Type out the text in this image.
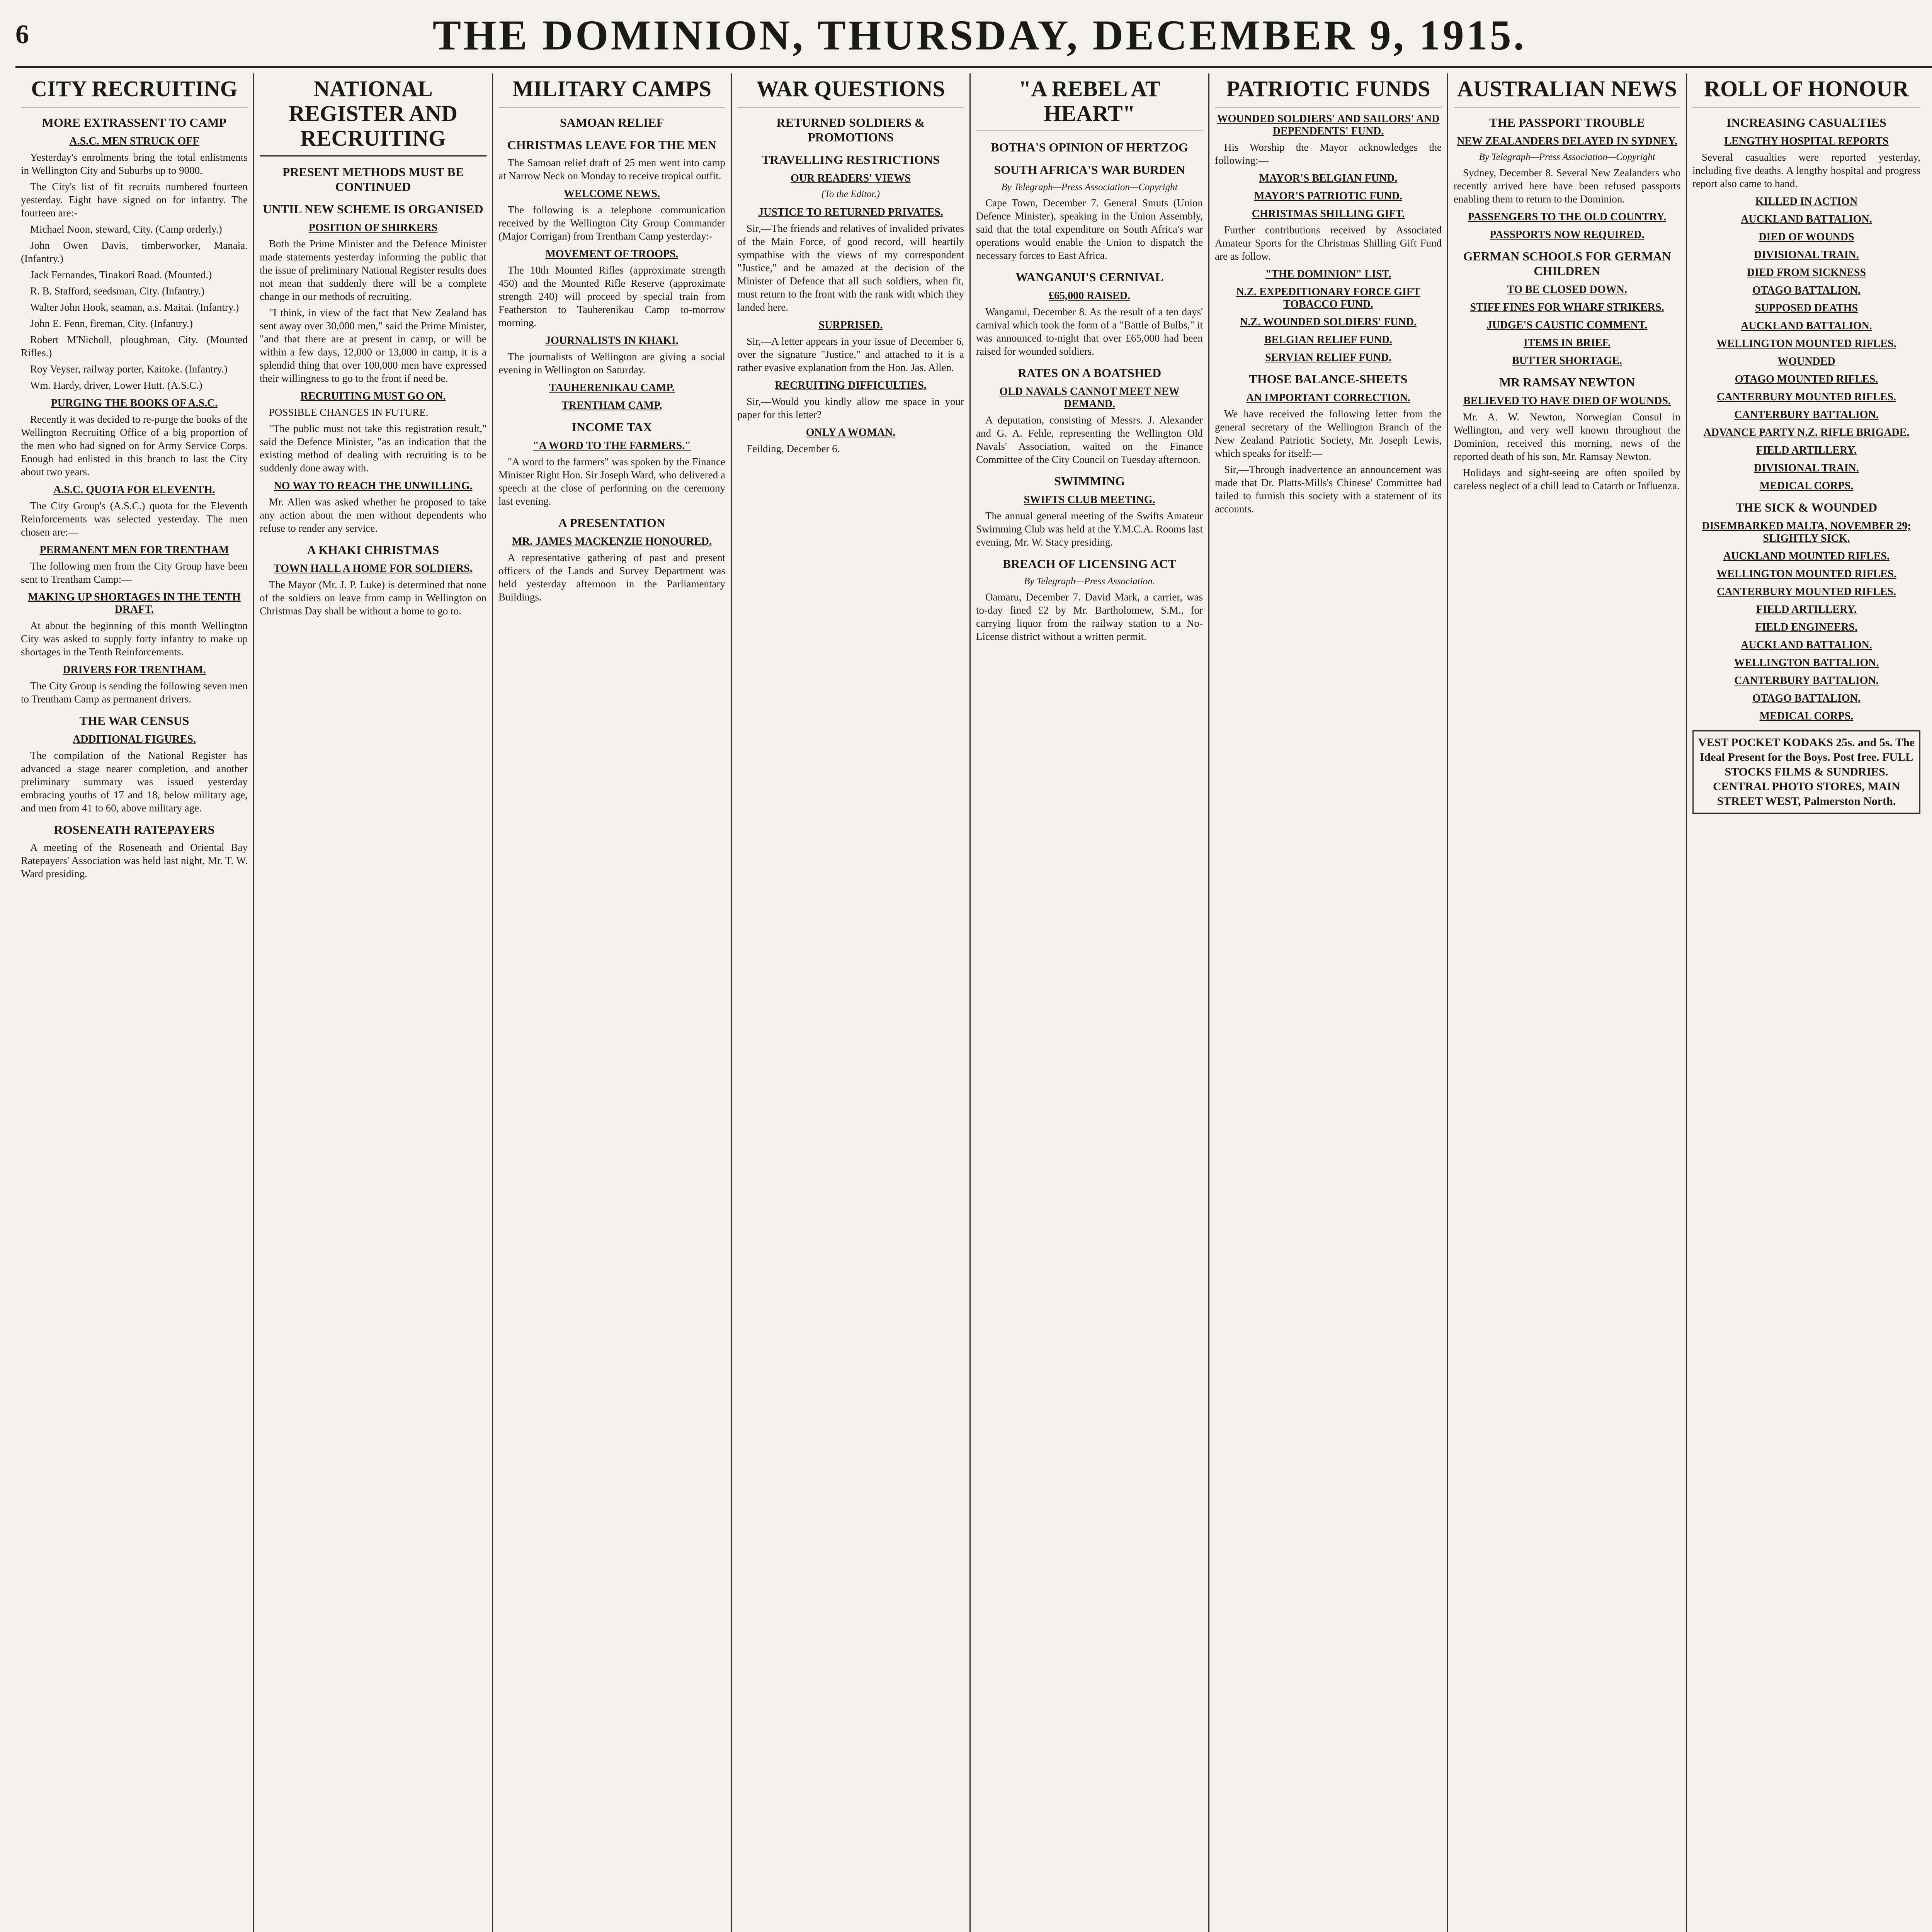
6	THE DOMINION, THURSDAY, DECEMBER 9, 1915.
CITY RECRUITING
MORE EXTRASSENT TO CAMP
A.S.C. MEN STRUCK OFF

Yesterday's enrolments bring the total enlistments in Wellington City and Suburbs up to 9000.

The City's list of fit recruits numbered fourteen yesterday. Eight have signed on for infantry. The fourteen are:-

Michael Noon, steward, City. (Camp orderly.)

John Owen Davis, timberworker, Manaia. (Infantry.)

Jack Fernandes, Tinakori Road. (Mounted.)

R. B. Stafford, seedsman, City. (Infantry.)

Walter John Hook, seaman, a.s. Maitai. (Infantry.)

John E. Fenn, fireman, City. (Infantry.)

Robert M'Nicholl, ploughman, City. (Mounted Rifles.)

Roy Veyser, railway porter, Kaitoke. (Infantry.)

Wm. Hardy, driver, Lower Hutt. (A.S.C.)

PURGING THE BOOKS OF A.S.C.

Recently it was decided to re-purge the books of the Wellington Recruiting Office of a big proportion of the men who had signed on for Army Service Corps. Enough had enlisted in this branch to last the City about two years.

A.S.C. QUOTA FOR ELEVENTH.

The City Group's (A.S.C.) quota for the Eleventh Reinforcements was selected yesterday. The men chosen are:—

PERMANENT MEN FOR TRENTHAM

The following men from the City Group have been sent to Trentham Camp:—

MAKING UP SHORTAGES IN THE TENTH DRAFT.

At about the beginning of this month Wellington City was asked to supply forty infantry to make up shortages in the Tenth Reinforcements.

DRIVERS FOR TRENTHAM.

The City Group is sending the following seven men to Trentham Camp as permanent drivers.

THE WAR CENSUS
ADDITIONAL FIGURES.

The compilation of the National Register has advanced a stage nearer completion, and another preliminary summary was issued yesterday embracing youths of 17 and 18, below military age, and men from 41 to 60, above military age.

ROSENEATH RATEPAYERS

A meeting of the Roseneath and Oriental Bay Ratepayers' Association was held last night, Mr. T. W. Ward presiding.

NATIONAL REGISTER AND RECRUITING
PRESENT METHODS MUST BE CONTINUED
UNTIL NEW SCHEME IS ORGANISED
POSITION OF SHIRKERS

Both the Prime Minister and the Defence Minister made statements yesterday informing the public that the issue of preliminary National Register results does not mean that suddenly there will be a complete change in our methods of recruiting.

"I think, in view of the fact that New Zealand has sent away over 30,000 men," said the Prime Minister, "and that there are at present in camp, or will be within a few days, 12,000 or 13,000 in camp, it is a splendid thing that over 100,000 men have expressed their willingness to go to the front if need be.

RECRUITING MUST GO ON.

POSSIBLE CHANGES IN FUTURE.

"The public must not take this registration result," said the Defence Minister, "as an indication that the existing method of dealing with recruiting is to be suddenly done away with.

NO WAY TO REACH THE UNWILLING.

Mr. Allen was asked whether he proposed to take any action about the men without dependents who refuse to render any service.

A KHAKI CHRISTMAS
TOWN HALL A HOME FOR SOLDIERS.

The Mayor (Mr. J. P. Luke) is determined that none of the soldiers on leave from camp in Wellington on Christmas Day shall be without a home to go to.

MILITARY CAMPS
SAMOAN RELIEF
CHRISTMAS LEAVE FOR THE MEN

The Samoan relief draft of 25 men went into camp at Narrow Neck on Monday to receive tropical outfit.

WELCOME NEWS.

The following is a telephone communication received by the Wellington City Group Commander (Major Corrigan) from Trentham Camp yesterday:-

MOVEMENT OF TROOPS.

The 10th Mounted Rifles (approximate strength 450) and the Mounted Rifle Reserve (approximate strength 240) will proceed by special train from Featherston to Tauherenikau Camp to-morrow morning.

JOURNALISTS IN KHAKI.

The journalists of Wellington are giving a social evening in Wellington on Saturday.

TAUHERENIKAU CAMP.
TRENTHAM CAMP.
INCOME TAX
"A WORD TO THE FARMERS."

"A word to the farmers" was spoken by the Finance Minister Right Hon. Sir Joseph Ward, who delivered a speech at the close of performing on the ceremony last evening.

A PRESENTATION
MR. JAMES MACKENZIE HONOURED.

A representative gathering of past and present officers of the Lands and Survey Department was held yesterday afternoon in the Parliamentary Buildings.

WAR QUESTIONS
RETURNED SOLDIERS & PROMOTIONS
TRAVELLING RESTRICTIONS
OUR READERS' VIEWS
(To the Editor.)
JUSTICE TO RETURNED PRIVATES.

Sir,—The friends and relatives of invalided privates of the Main Force, of good record, will heartily sympathise with the views of my correspondent "Justice," and be amazed at the decision of the Minister of Defence that all such soldiers, when fit, must return to the front with the rank with which they landed here.

SURPRISED.

Sir,—A letter appears in your issue of December 6, over the signature "Justice," and attached to it is a rather evasive explanation from the Hon. Jas. Allen.

RECRUITING DIFFICULTIES.

Sir,—Would you kindly allow me space in your paper for this letter?

ONLY A WOMAN.

Feilding, December 6.

"A REBEL AT HEART"
BOTHA'S OPINION OF HERTZOG
SOUTH AFRICA'S WAR BURDEN
By Telegraph—Press Association—Copyright

Cape Town, December 7. General Smuts (Union Defence Minister), speaking in the Union Assembly, said that the total expenditure on South Africa's war operations would enable the Union to dispatch the necessary forces to East Africa.

WANGANUI'S CERNIVAL
£65,000 RAISED.

Wanganui, December 8. As the result of a ten days' carnival which took the form of a "Battle of Bulbs," it was announced to-night that over £65,000 had been raised for wounded soldiers.

RATES ON A BOATSHED
OLD NAVALS CANNOT MEET NEW DEMAND.

A deputation, consisting of Messrs. J. Alexander and G. A. Fehle, representing the Wellington Old Navals' Association, waited on the Finance Committee of the City Council on Tuesday afternoon.

SWIMMING
SWIFTS CLUB MEETING.

The annual general meeting of the Swifts Amateur Swimming Club was held at the Y.M.C.A. Rooms last evening, Mr. W. Stacy presiding.

BREACH OF LICENSING ACT
By Telegraph—Press Association.

Oamaru, December 7. David Mark, a carrier, was to-day fined £2 by Mr. Bartholomew, S.M., for carrying liquor from the railway station to a No-License district without a written permit.

PATRIOTIC FUNDS
WOUNDED SOLDIERS' AND SAILORS' AND DEPENDENTS' FUND.

His Worship the Mayor acknowledges the following:—

MAYOR'S BELGIAN FUND.
MAYOR'S PATRIOTIC FUND.
CHRISTMAS SHILLING GIFT.

Further contributions received by Associated Amateur Sports for the Christmas Shilling Gift Fund are as follow.

"THE DOMINION" LIST.
N.Z. EXPEDITIONARY FORCE GIFT TOBACCO FUND.
N.Z. WOUNDED SOLDIERS' FUND.
BELGIAN RELIEF FUND.
SERVIAN RELIEF FUND.
THOSE BALANCE-SHEETS
AN IMPORTANT CORRECTION.

We have received the following letter from the general secretary of the Wellington Branch of the New Zealand Patriotic Society, Mr. Joseph Lewis, which speaks for itself:—

Sir,—Through inadvertence an announcement was made that Dr. Platts-Mills's Chinese' Committee had failed to furnish this society with a statement of its accounts.

AUSTRALIAN NEWS
THE PASSPORT TROUBLE
NEW ZEALANDERS DELAYED IN SYDNEY.
By Telegraph—Press Association—Copyright

Sydney, December 8. Several New Zealanders who recently arrived here have been refused passports enabling them to return to the Dominion.

PASSENGERS TO THE OLD COUNTRY.
PASSPORTS NOW REQUIRED.
GERMAN SCHOOLS FOR GERMAN CHILDREN
TO BE CLOSED DOWN.
STIFF FINES FOR WHARF STRIKERS.
JUDGE'S CAUSTIC COMMENT.
ITEMS IN BRIEF.
BUTTER SHORTAGE.
MR RAMSAY NEWTON
BELIEVED TO HAVE DIED OF WOUNDS.

Mr. A. W. Newton, Norwegian Consul in Wellington, and very well known throughout the Dominion, received this morning, news of the reported death of his son, Mr. Ramsay Newton.

Holidays and sight-seeing are often spoiled by careless neglect of a chill lead to Catarrh or Influenza.

ROLL OF HONOUR
INCREASING CASUALTIES
LENGTHY HOSPITAL REPORTS

Several casualties were reported yesterday, including five deaths. A lengthy hospital and progress report also came to hand.

KILLED IN ACTION
AUCKLAND BATTALION.
DIED OF WOUNDS
DIVISIONAL TRAIN.
DIED FROM SICKNESS
OTAGO BATTALION.
SUPPOSED DEATHS
AUCKLAND BATTALION.
WELLINGTON MOUNTED RIFLES.
WOUNDED
OTAGO MOUNTED RIFLES.
CANTERBURY MOUNTED RIFLES.
CANTERBURY BATTALION.
ADVANCE PARTY N.Z. RIFLE BRIGADE.
FIELD ARTILLERY.
DIVISIONAL TRAIN.
MEDICAL CORPS.
THE SICK & WOUNDED
DISEMBARKED MALTA, NOVEMBER 29; SLIGHTLY SICK.
AUCKLAND MOUNTED RIFLES.
WELLINGTON MOUNTED RIFLES.
CANTERBURY MOUNTED RIFLES.
FIELD ARTILLERY.
FIELD ENGINEERS.
AUCKLAND BATTALION.
WELLINGTON BATTALION.
CANTERBURY BATTALION.
OTAGO BATTALION.
MEDICAL CORPS.
VEST POCKET KODAKS 25s. and 5s. The Ideal Present for the Boys. Post free. FULL STOCKS FILMS & SUNDRIES. CENTRAL PHOTO STORES, MAIN STREET WEST, Palmerston North.
